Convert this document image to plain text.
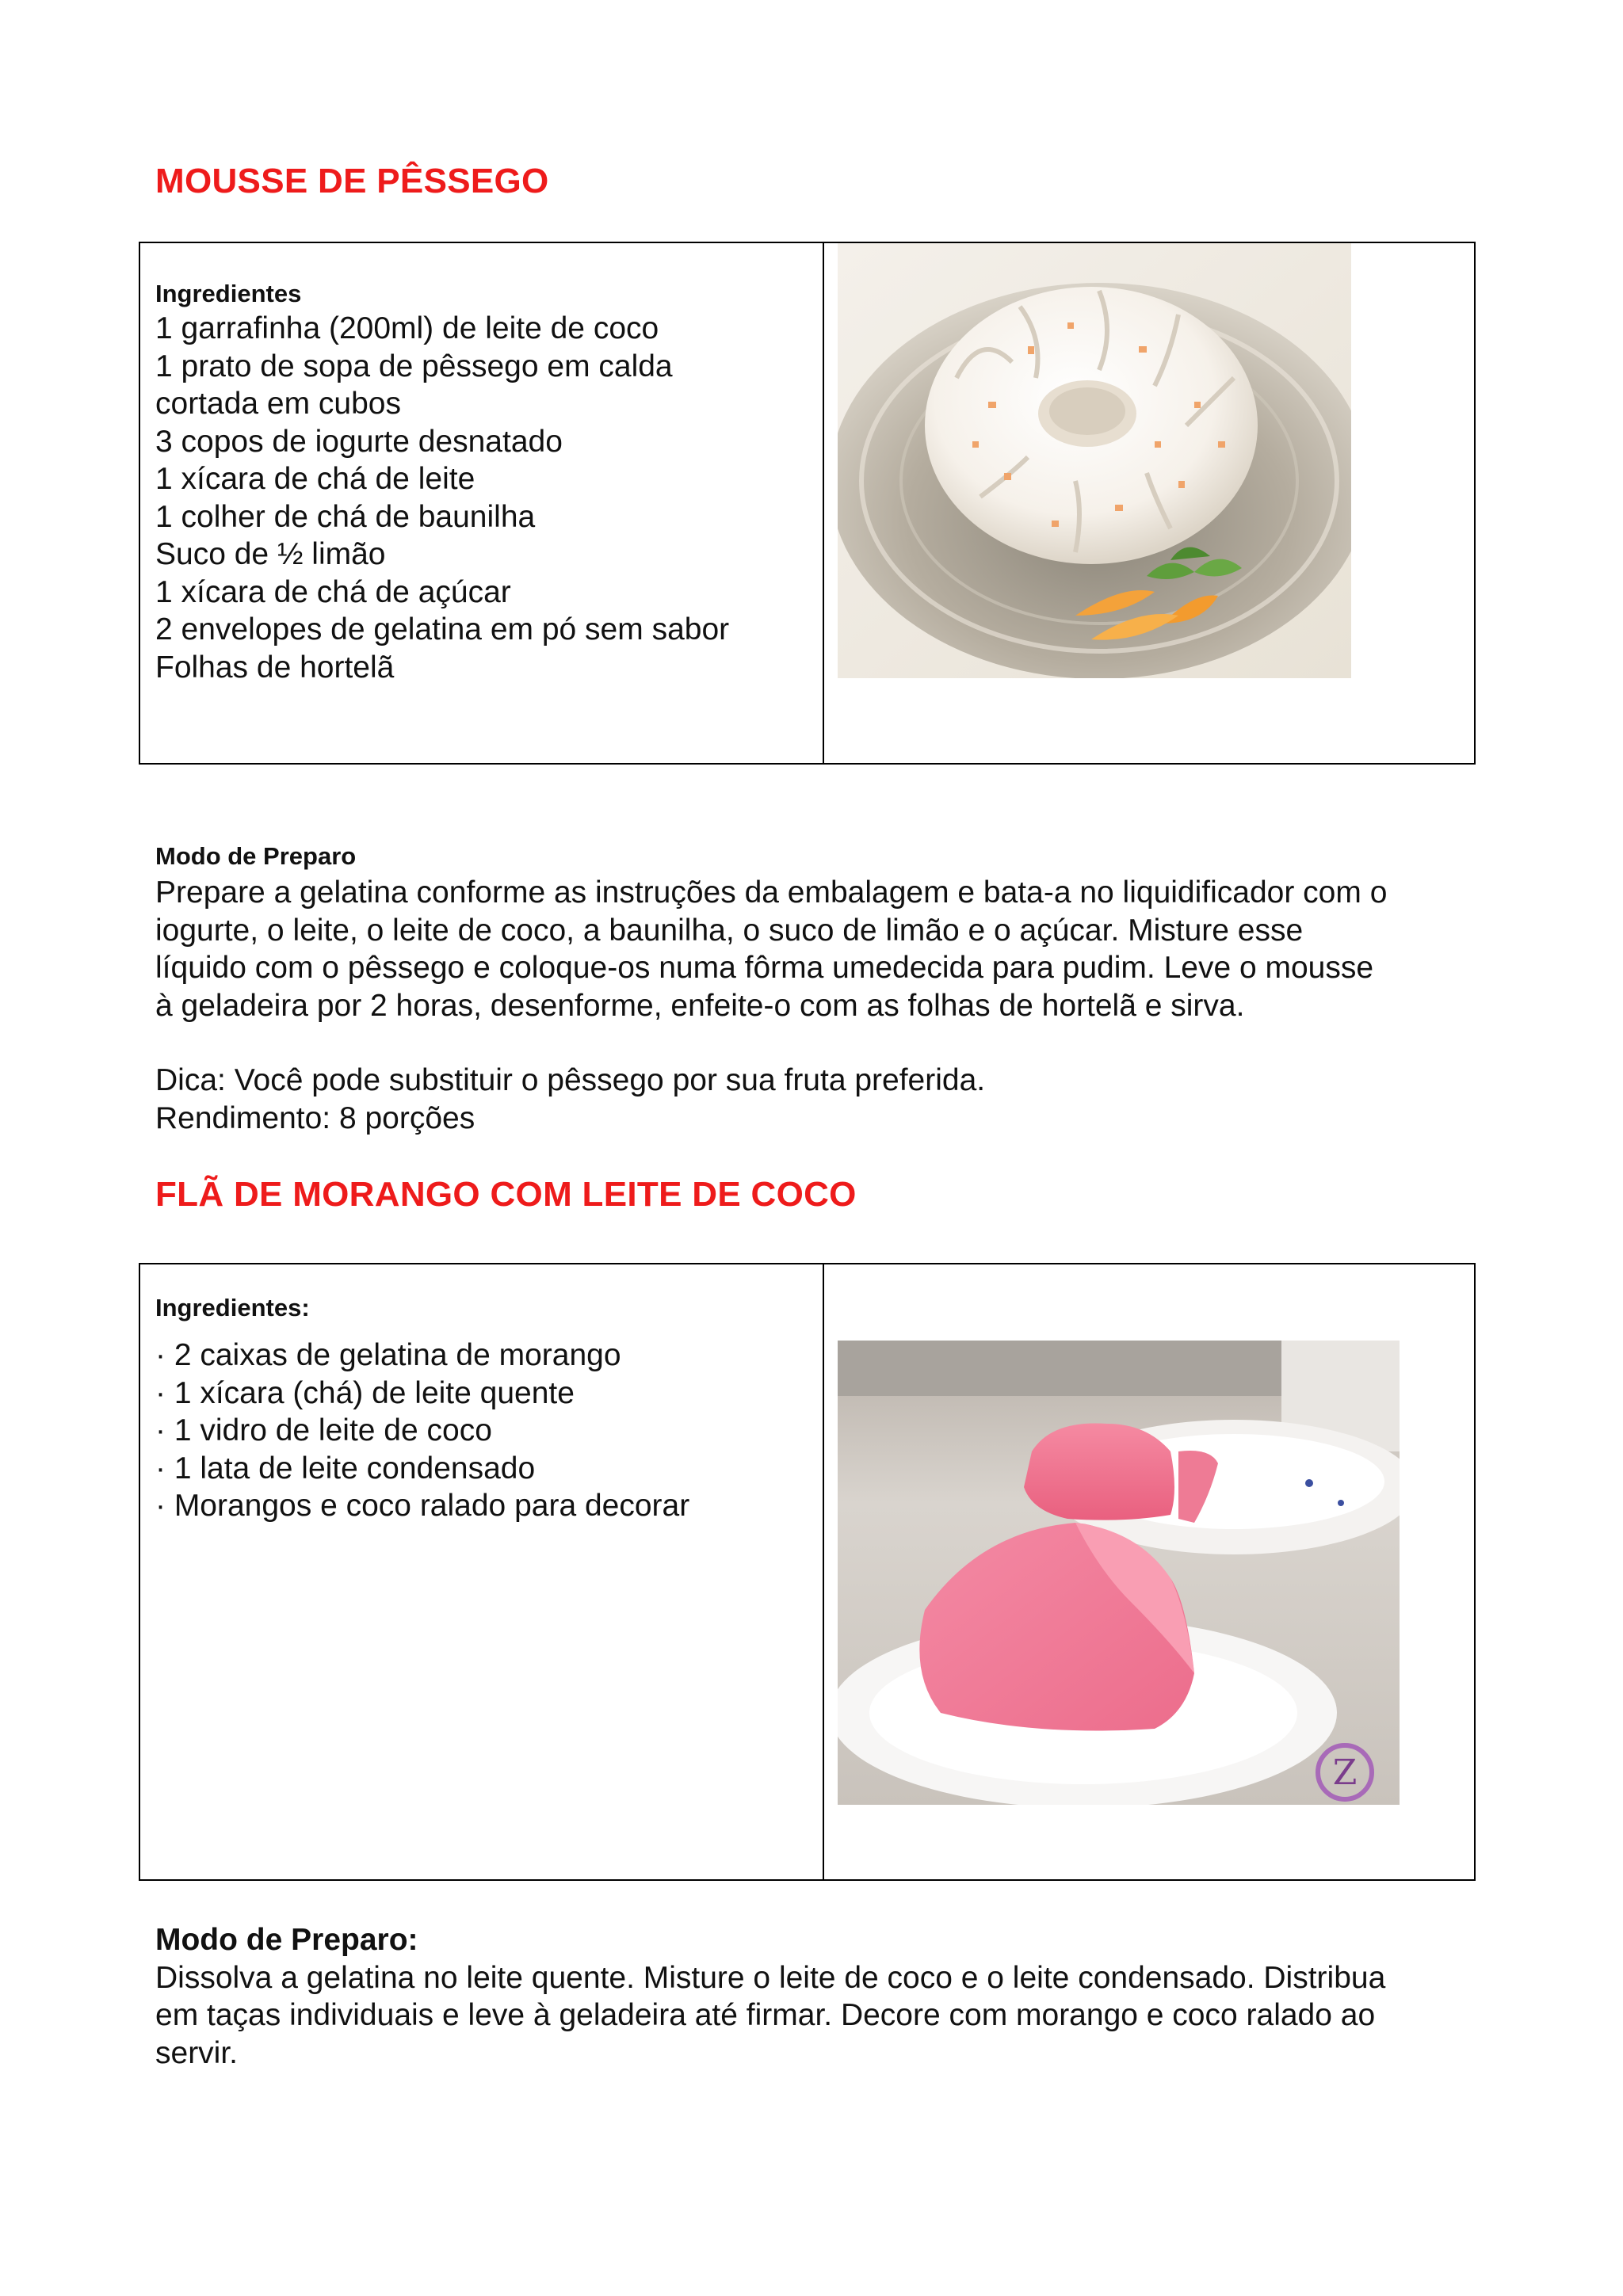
MOUSSE DE PÊSSEGO
Ingredientes
1 garrafinha (200ml) de leite de coco
1 prato de sopa de pêssego em calda
cortada em cubos
3 copos de iogurte desnatado
1 xícara de chá de leite
1 colher de chá de baunilha
Suco de ½ limão
1 xícara de chá de açúcar
2 envelopes de gelatina em pó sem sabor
Folhas de hortelã

Modo de Preparo
Prepare a gelatina conforme as instruções da embalagem e bata-a no liquidificador com o
iogurte, o leite, o leite de coco, a baunilha, o suco de limão e o açúcar. Misture esse
líquido com o pêssego e coloque-os numa fôrma umedecida para pudim. Leve o mousse
à geladeira por 2 horas, desenforme, enfeite-o com as folhas de hortelã e sirva.
Dica: Você pode substituir o pêssego por sua fruta preferida.
Rendimento: 8 porções
FLÃ DE MORANGO COM LEITE DE COCO
Ingredientes:
· 2 caixas de gelatina de morango
· 1 xícara (chá) de leite quente
· 1 vidro de leite de coco
· 1 lata de leite condensado
· Morangos e coco ralado para decorar

Z
Modo de Preparo:
Dissolva a gelatina no leite quente. Misture o leite de coco e o leite condensado. Distribua
em taças individuais e leve à geladeira até firmar. Decore com morango e coco ralado ao
servir.
